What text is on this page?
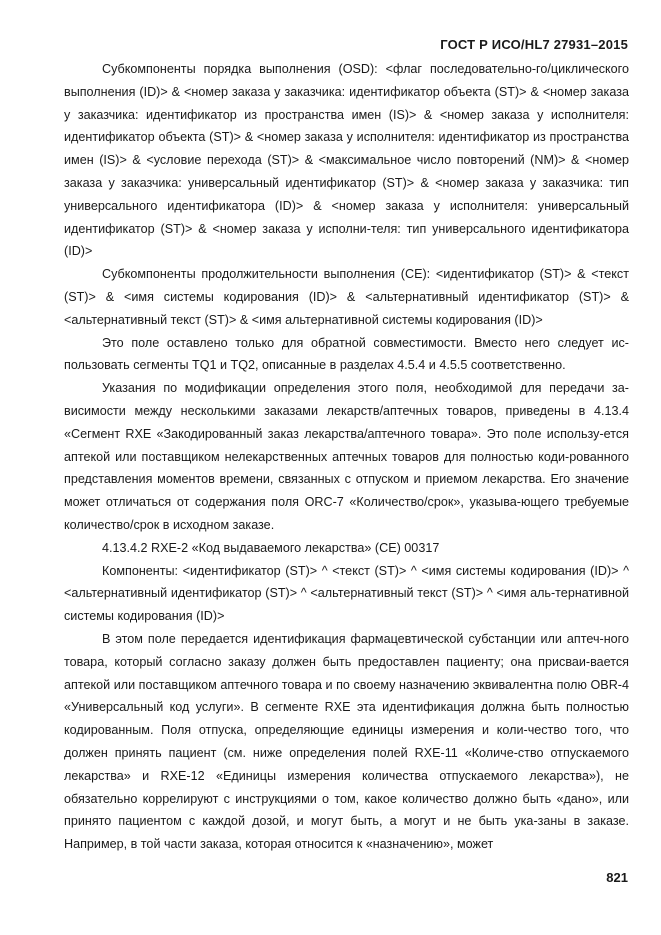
ГОСТ Р ИСО/HL7 27931–2015

Субкомпоненты порядка выполнения (OSD): <флаг последовательно-го/циклического выполнения (ID)> & <номер заказа у заказчика: идентификатор объекта (ST)> & <номер заказа у заказчика: идентификатор из пространства имен (IS)> & <номер заказа у исполнителя: идентификатор объекта (ST)> & <номер заказа у исполнителя: идентификатор из пространства имен (IS)> & <условие перехода (ST)> & <максимальное число повторений (NM)> & <номер заказа у заказчика: универсальный идентификатор (ST)> & <номер заказа у заказчика: тип универсального идентификатора (ID)> & <номер заказа у исполнителя: универсальный идентификатор (ST)> & <номер заказа у исполни-теля: тип универсального идентификатора (ID)>

Субкомпоненты продолжительности выполнения (CE): <идентификатор (ST)> & <текст (ST)> & <имя системы кодирования (ID)> & <альтернативный идентификатор (ST)> & <альтернативный текст (ST)> & <имя альтернативной системы кодирования (ID)>

Это поле оставлено только для обратной совместимости. Вместо него следует ис-пользовать сегменты TQ1 и TQ2, описанные в разделах 4.5.4 и 4.5.5 соответственно.

Указания по модификации определения этого поля, необходимой для передачи за-висимости между несколькими заказами лекарств/аптечных товаров, приведены в 4.13.4 «Сегмент RXE «Закодированный заказ лекарства/аптечного товара». Это поле использу-ется аптекой или поставщиком нелекарственных аптечных товаров для полностью коди-рованного представления моментов времени, связанных с отпуском и приемом лекарства. Его значение может отличаться от содержания поля ORC-7 «Количество/срок», указыва-ющего требуемые количество/срок в исходном заказе.

4.13.4.2 RXE-2 «Код выдаваемого лекарства» (CE) 00317

Компоненты: <идентификатор (ST)> ^ <текст (ST)> ^ <имя системы кодирования (ID)> ^ <альтернативный идентификатор (ST)> ^ <альтернативный текст (ST)> ^ <имя аль-тернативной системы кодирования (ID)>

В этом поле передается идентификация фармацевтической субстанции или аптеч-ного товара, который согласно заказу должен быть предоставлен пациенту; она присваи-вается аптекой или поставщиком аптечного товара и по своему назначению эквивалентна полю OBR-4 «Универсальный код услуги». В сегменте RXE эта идентификация должна быть полностью кодированным. Поля отпуска, определяющие единицы измерения и коли-чество того, что должен принять пациент (см. ниже определения полей RXE-11 «Количе-ство отпускаемого лекарства» и RXE-12 «Единицы измерения количества отпускаемого лекарства»), не обязательно коррелируют с инструкциями о том, какое количество должно быть «дано», или принято пациентом с каждой дозой, и могут быть, а могут и не быть ука-заны в заказе. Например, в той части заказа, которая относится к «назначению», может

821
